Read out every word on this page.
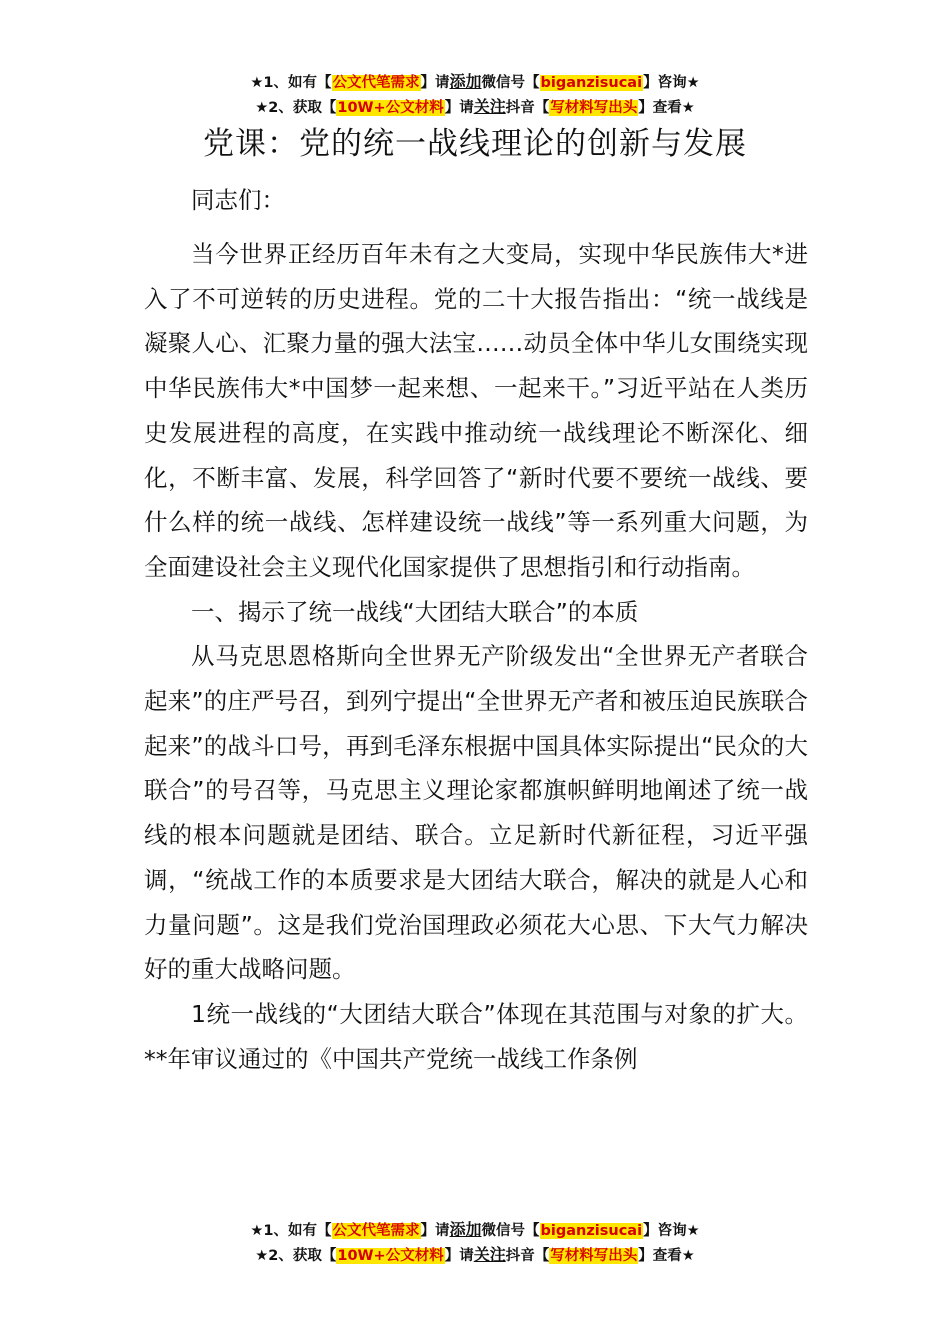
★1、如有【公文代笔需求】请添加微信号【biganzisucai】咨询★
★2、获取【10W+公文材料】请关注抖音【写材料写出头】查看★
党课：党的统一战线理论的创新与发展

同志们：

当今世界正经历百年未有之大变局，实现中华民族伟大*进入了不可逆转的历史进程。党的二十大报告指出：“统一战线是凝聚人心、汇聚力量的强大法宝……动员全体中华儿女围绕实现中华民族伟大*中国梦一起来想、一起来干。”习近平站在人类历史发展进程的高度，在实践中推动统一战线理论不断深化、细化，不断丰富、发展，科学回答了“新时代要不要统一战线、要什么样的统一战线、怎样建设统一战线”等一系列重大问题，为全面建设社会主义现代化国家提供了思想指引和行动指南。

一、揭示了统一战线“大团结大联合”的本质

从马克思恩格斯向全世界无产阶级发出“全世界无产者联合起来”的庄严号召，到列宁提出“全世界无产者和被压迫民族联合起来”的战斗口号，再到毛泽东根据中国具体实际提出“民众的大联合”的号召等，马克思主义理论家都旗帜鲜明地阐述了统一战线的根本问题就是团结、联合。立足新时代新征程，习近平强调，“统战工作的本质要求是大团结大联合，解决的就是人心和力量问题”。这是我们党治国理政必须花大心思、下大气力解决好的重大战略问题。

1统一战线的“大团结大联合”体现在其范围与对象的扩大。**年审议通过的《中国共产党统一战线工作条例

★1、如有【公文代笔需求】请添加微信号【biganzisucai】咨询★
★2、获取【10W+公文材料】请关注抖音【写材料写出头】查看★
